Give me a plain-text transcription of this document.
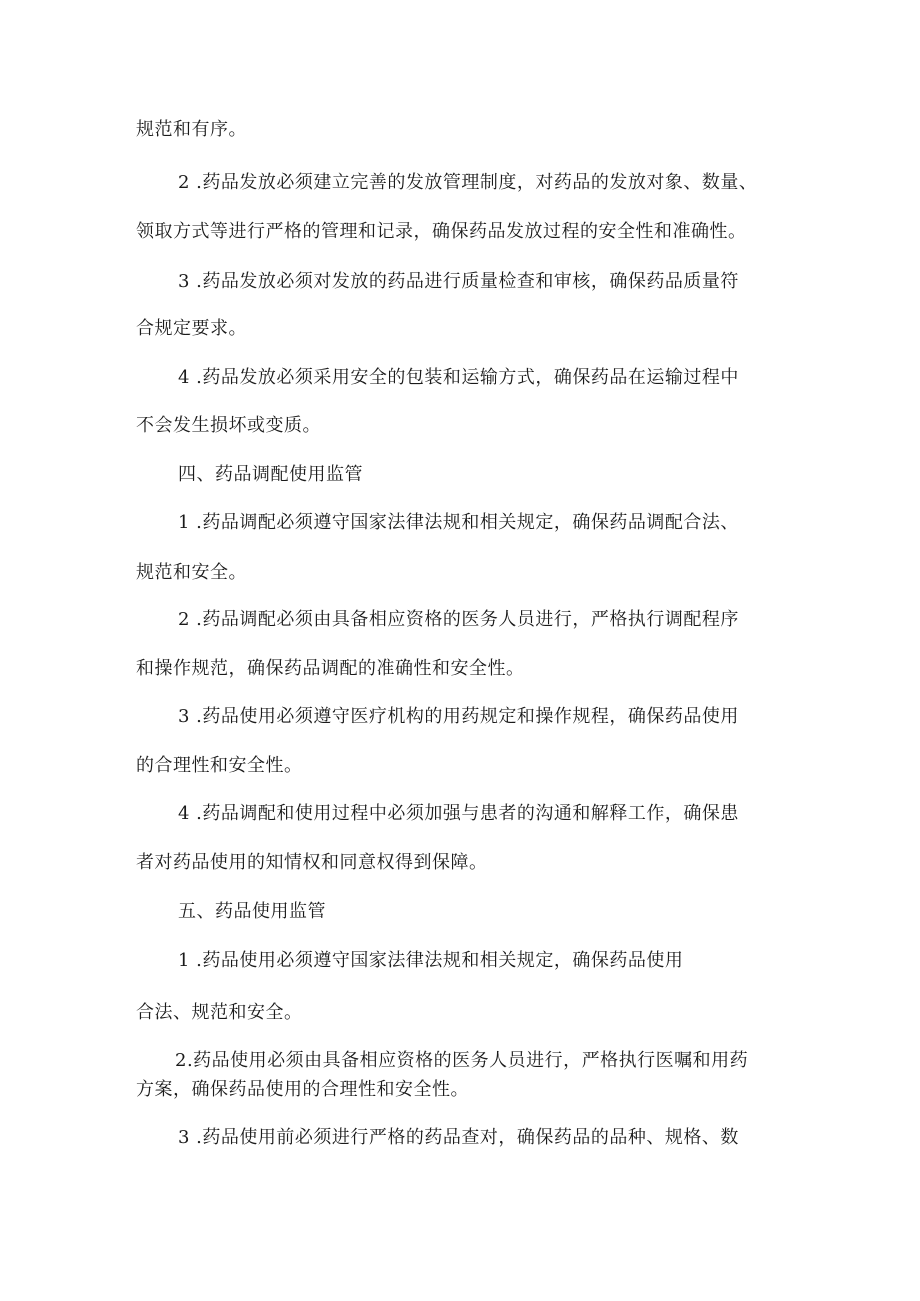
规范和有序。
2 .药品发放必须建立完善的发放管理制度，对药品的发放对象、数量、
领取方式等进行严格的管理和记录，确保药品发放过程的安全性和准确性。
3 .药品发放必须对发放的药品进行质量检查和审核，确保药品质量符
合规定要求。
4 .药品发放必须采用安全的包装和运输方式，确保药品在运输过程中
不会发生损坏或变质。
四、药品调配使用监管
1 .药品调配必须遵守国家法律法规和相关规定，确保药品调配合法、
规范和安全。
2 .药品调配必须由具备相应资格的医务人员进行，严格执行调配程序
和操作规范，确保药品调配的准确性和安全性。
3 .药品使用必须遵守医疗机构的用药规定和操作规程，确保药品使用
的合理性和安全性。
4 .药品调配和使用过程中必须加强与患者的沟通和解释工作，确保患
者对药品使用的知情权和同意权得到保障。
五、药品使用监管
1 .药品使用必须遵守国家法律法规和相关规定，确保药品使用
合法、规范和安全。
2.药品使用必须由具备相应资格的医务人员进行，严格执行医嘱和用药
方案，确保药品使用的合理性和安全性。
3 .药品使用前必须进行严格的药品查对，确保药品的品种、规格、数
